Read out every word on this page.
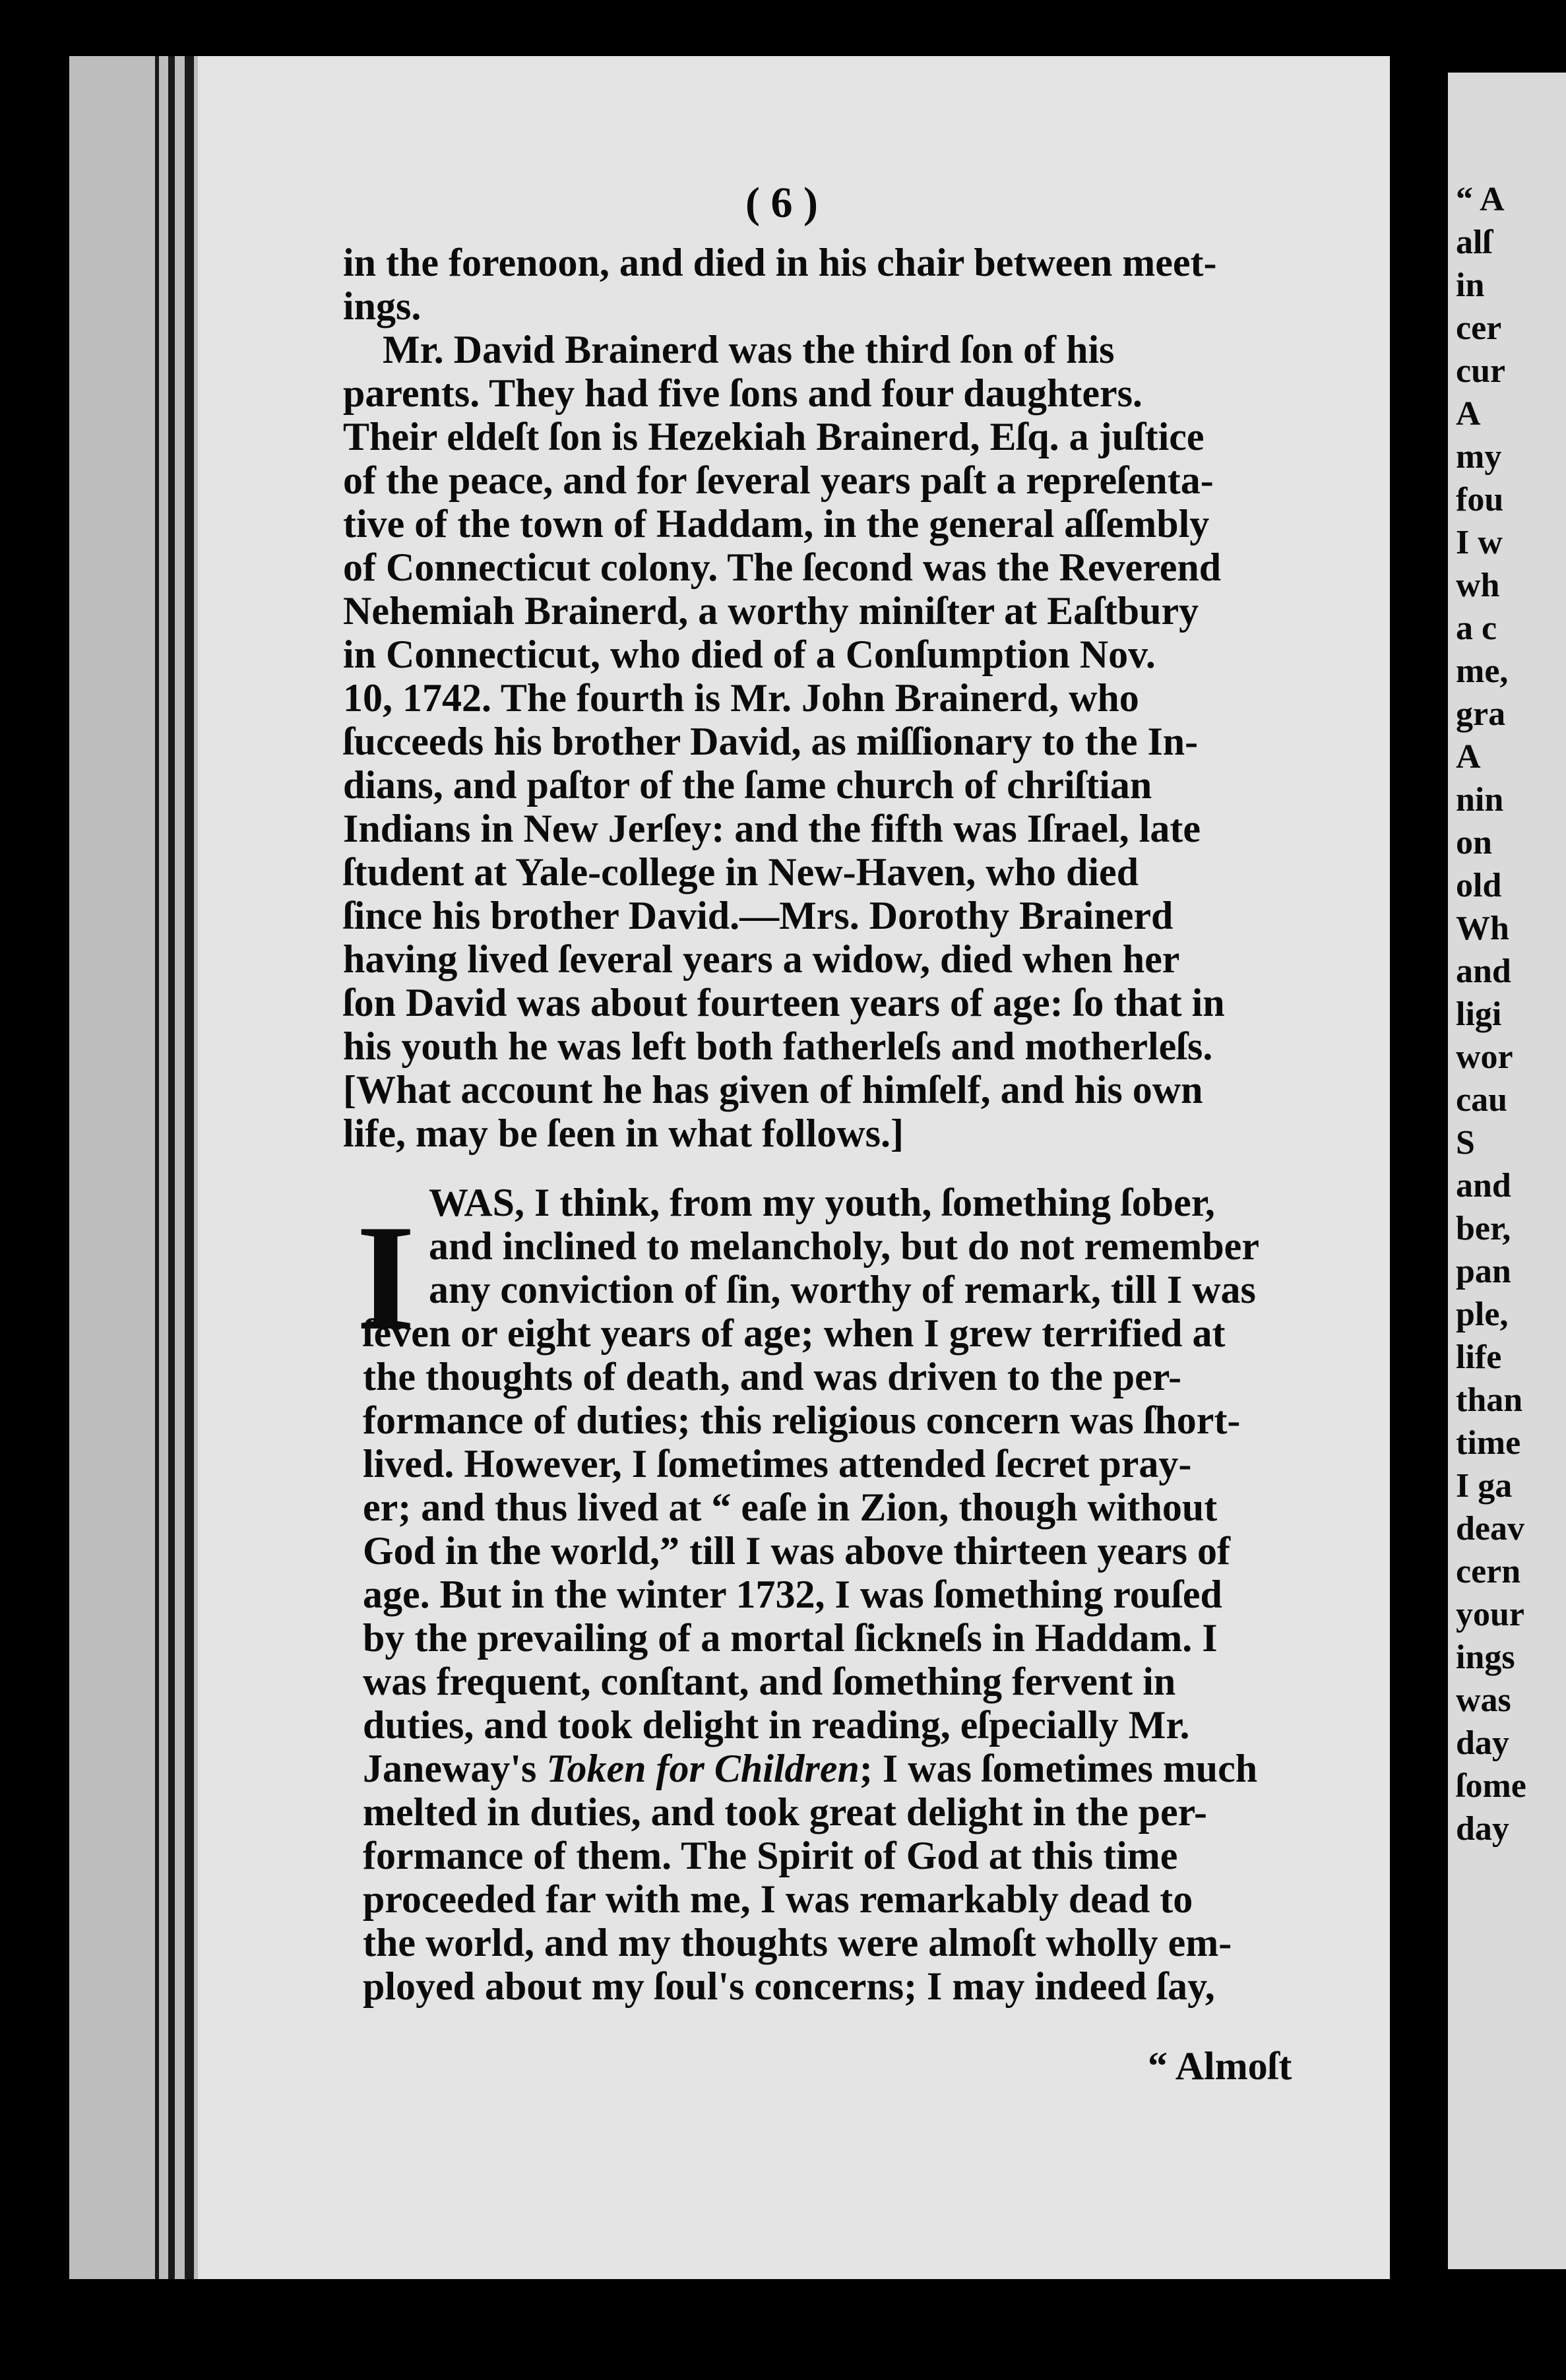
“ A
alſ
in
cer
cur
A
my
fou
I w
wh
a c
me,
gra
A
nin
on
old
Wh
and
ligi
wor
cau
S
and
ber,
pan
ple,
life
than
time
I ga
deav
cern
your
ings
was
day
ſome
day
( 6 )
in the forenoon, and died in his chair between meet-
ings.
Mr. David Brainerd was the third ſon of his
parents. They had five ſons and four daughters.
Their eldeſt ſon is Hezekiah Brainerd, Eſq. a juſtice
of the peace, and for ſeveral years paſt a repreſenta-
tive of the town of Haddam, in the general aſſembly
of Connecticut colony. The ſecond was the Reverend
Nehemiah Brainerd, a worthy miniſter at Eaſtbury
in Connecticut, who died of a Conſumption Nov.
10, 1742. The fourth is Mr. John Brainerd, who
ſucceeds his brother David, as miſſionary to the In-
dians, and paſtor of the ſame church of chriſtian
Indians in New Jerſey: and the fifth was Iſrael, late
ſtudent at Yale-college in New-Haven, who died
ſince his brother David.—Mrs. Dorothy Brainerd
having lived ſeveral years a widow, died when her
ſon David was about fourteen years of age: ſo that in
his youth he was left both fatherleſs and motherleſs.
[What account he has given of himſelf, and his own
life, may be ſeen in what follows.]
I WAS, I think, from my youth, ſomething ſober,
and inclined to melancholy, but do not remember
any conviction of ſin, worthy of remark, till I was
ſeven or eight years of age; when I grew terrified at
the thoughts of death, and was driven to the per-
formance of duties; this religious concern was ſhort-
lived. However, I ſometimes attended ſecret pray-
er; and thus lived at “ eaſe in Zion, though without
God in the world,” till I was above thirteen years of
age. But in the winter 1732, I was ſomething rouſed
by the prevailing of a mortal ſickneſs in Haddam. I
was frequent, conſtant, and ſomething fervent in
duties, and took delight in reading, eſpecially Mr.
Janeway's Token for Children; I was ſometimes much
melted in duties, and took great delight in the per-
formance of them. The Spirit of God at this time
proceeded far with me, I was remarkably dead to
the world, and my thoughts were almoſt wholly em-
ployed about my ſoul's concerns; I may indeed ſay,
“ Almoſt
